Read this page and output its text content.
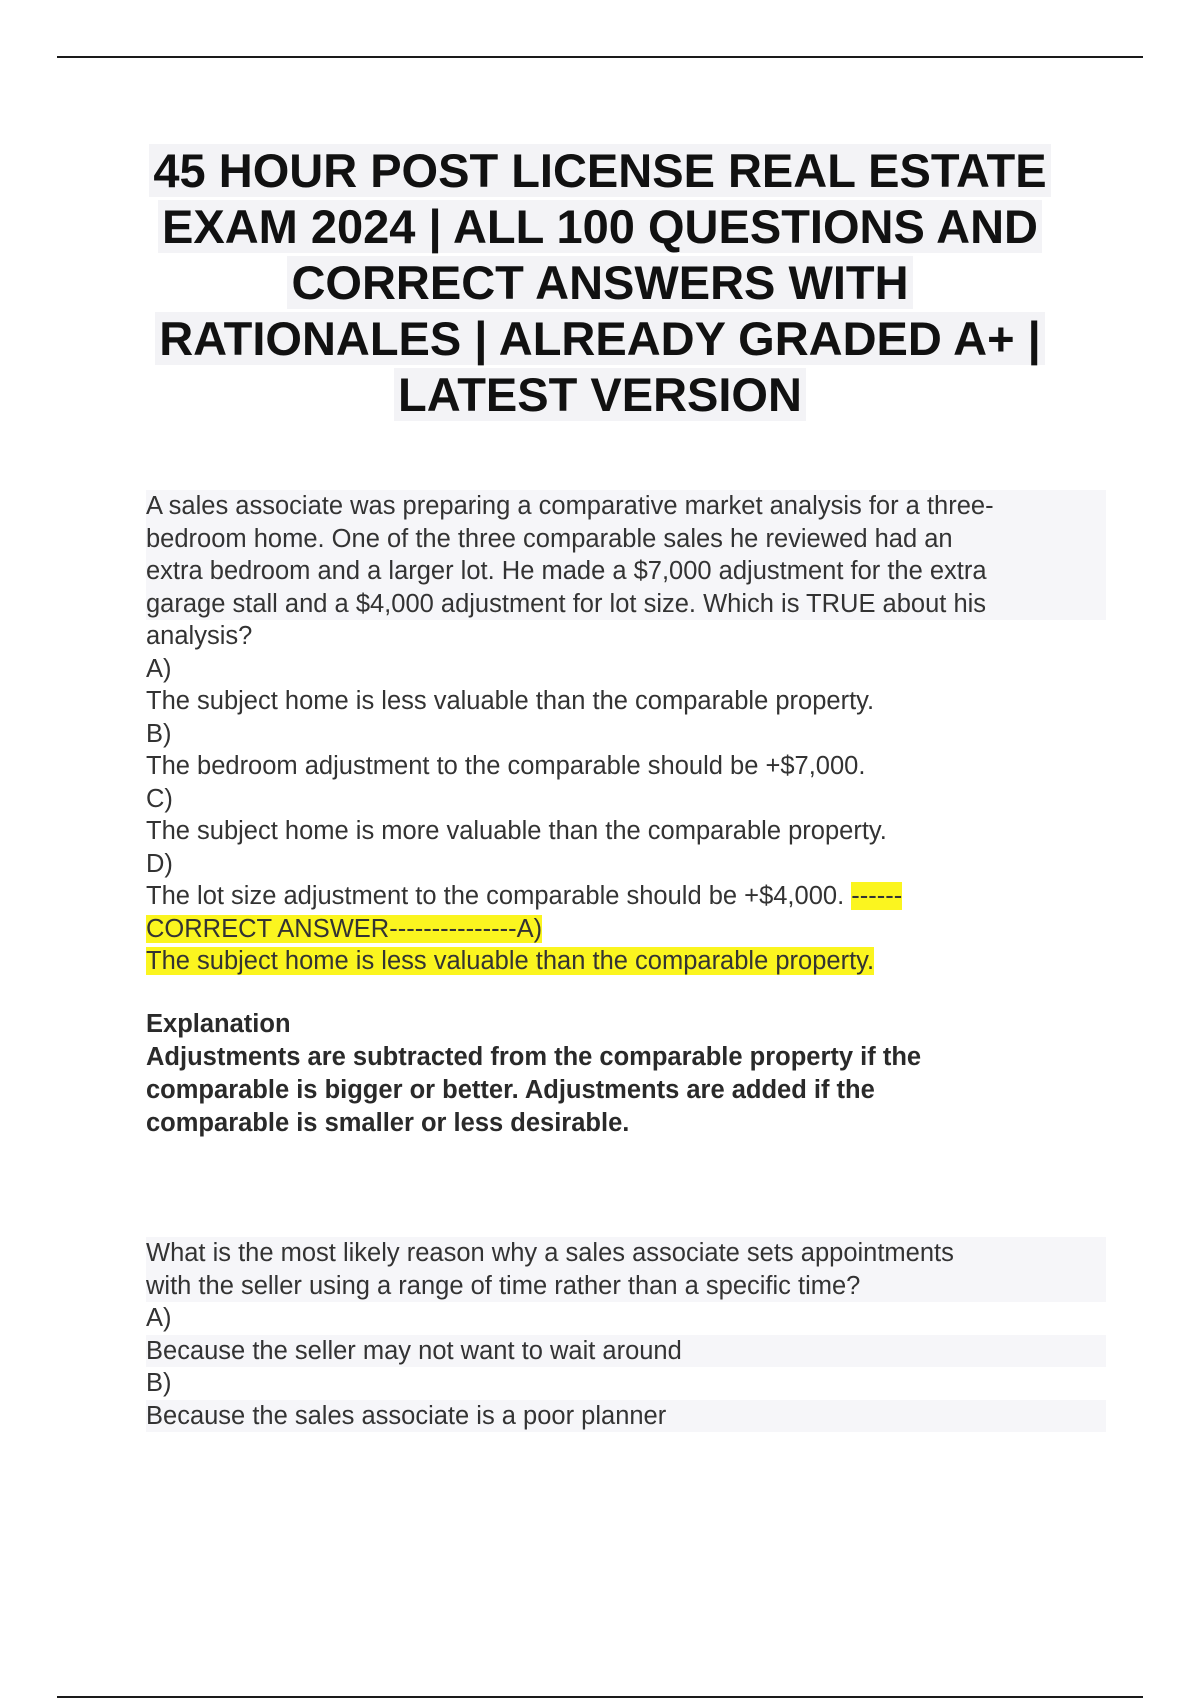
45 HOUR POST LICENSE REAL ESTATE
EXAM 2024 | ALL 100 QUESTIONS AND
CORRECT ANSWERS WITH
RATIONALES | ALREADY GRADED A+ |
LATEST VERSION
A sales associate was preparing a comparative market analysis for a three-
bedroom home. One of the three comparable sales he reviewed had an
extra bedroom and a larger lot. He made a $7,000 adjustment for the extra
garage stall and a $4,000 adjustment for lot size. Which is TRUE about his
analysis?
A)
The subject home is less valuable than the comparable property.
B)
The bedroom adjustment to the comparable should be +$7,000.
C)
The subject home is more valuable than the comparable property.
D)
The lot size adjustment to the comparable should be +$4,000. ------
CORRECT ANSWER---------------A)
The subject home is less valuable than the comparable property.
Explanation
Adjustments are subtracted from the comparable property if the
comparable is bigger or better. Adjustments are added if the
comparable is smaller or less desirable.
What is the most likely reason why a sales associate sets appointments
with the seller using a range of time rather than a specific time?
A)
Because the seller may not want to wait around
B)
Because the sales associate is a poor planner
